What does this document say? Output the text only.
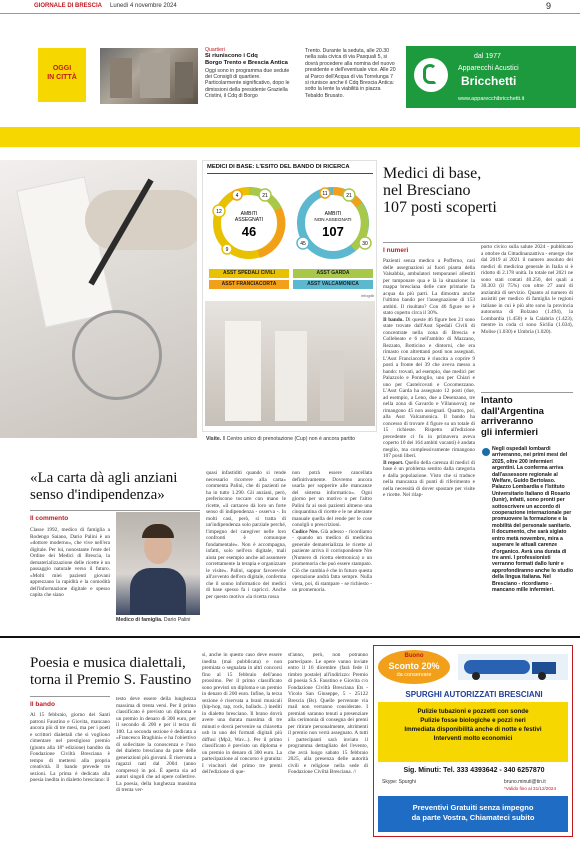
GIORNALE DI BRESCIA Lunedì 4 novembre 2024	9
OGGI
IN CITTÀ
Quartieri
Si riuniscono i Cdq
Borgo Trento e Brescia Antica
Oggi sono in programma due sedute dei Consigli di quartiere. Particolarmente significativo, dopo le dimissioni della presidente Graziella Cristini, il Cdq di Borgo
Trento. Durante la seduta, alle 20.30 nella sala civica di via Pasquali 5, si dovrà procedere alla nomina del nuovo presidente e dell'eventuale vice. Alle 20 al Parco dell'Acqua di via Torrelunga 7 si riunisce anche il Cdq Brescia Antica: sotto la lente la viabilità in piazza Tebaldo Brusato.
dal 1977
Apparecchi Acustici
Bricchetti
www.apparecchibricchetti.it
MEDICI DI BASE: L'ESITO DEL BANDO DI RICERCA
12
4	21
9
AMBITI
ASSEGNATI
46
11	21
30
45
AMBITI
NON ASSEGNATI
107
ASST SPEDALI CIVILI	ASST GARDA
ASST FRANCIACORTA	ASST VALCAMONICA
infogdb
Visite. Il Centro unico di prenotazione (Cup) non è ancora partito
Medici di base,
nel Bresciano
107 posti scoperti
I numeri

Pazienti senza medico a Pofferno, casi delle assegnazioni ai fuori pianta della Valsabbia, ambulatori temporanei allestiti per tamponare qua e là la situazione: la mappa bresciana delle cure primarie fa acqua da più parti. La dimostra anche l'ultimo bando per l'assegnazione di 153 ambiti. Il risultato? Con 46 figure ne è stato coperto circa il 30%.

Il bando. Di queste 46 figure ben 21 sono state trovate dall'Asst Spedali Civili di concentrate nella zona di Brescia e Collebeato e 6 nell'ambito di Mazzano, Rezzato, Botticino e dintorni, che era rimasto con altrettanti posti non assegnati. L'Asst Franciacorta è riuscita a coprire 9 posti a fronte dei 39 che aveva messo a bando: trovati, ad esempio, due medici per Palazzolo e Pontoglio, uno per Chiari e uno per Castelcovati e Cocomezzano. L'Asst Garda ha assegnato 12 posti (due, ad esempio, a Leno, due a Desenzano, tre nella zona di Gavardo e Villanuova); ne rimangono 45 non assegnati. Quattro, poi, alla Asst Valcamonica. Il bando ha concesso di trovare 4 figure su un totale di 15 richieste. Rispetto all'edizione precedente ci fu in primavera aveva coperto 10 dei 164 ambiti vacanti) è andata meglio, ma complessivamente rimangono 107 posti liberi.

Il report. Quello della carenza di medici di base è un problema sentito dalla categoria e dalla popolazione. Visto che si traduce nella mancanza di punti di riferimento e nella necessità di dover spostare per visite e ricette. Nel rilap-

porto civico sulla salute 2024 - pubblicato a ottobre da Cittadinanzattiva - emerge che dal 2019 al 2021 il numero assoluto dei medici di medicina generale in Italia si è ridotto di 2.178 unità. In totale nel 2021 ne sono stati contati 40.250, dei quali a 30.303 (il 75%) con oltre 27 anni di anzianità di servizio. Quanto al numero di assistiti per medico di famiglia le regioni italiane in cui è più alto sono la provincia autonoma di Bolzano (1.494), la Lombardia (1.450) e la Calabria (1.423), mentre in coda ci sono Sicilia (1.034), Molise (1.030) e Umbria (1.020).
Intanto
dall'Argentina
arriveranno
gli infermieri
Negli ospedali lombardi arriveranno, nei primi mesi del 2025, oltre 200 infermieri argentini. La conferma arriva dall'assessore regionale al Welfare, Guido Bertolaso. Palazzo Lombardia e l'Istituto Universitario Italiano di Rosario (Iunir), infatti, sono pronti per sottoscrivere un accordo di cooperazione internazionale per promuovere la formazione e la mobilità del personale sanitario. Il documento, che sarà siglato entro metà novembre, mira a superare le attuali carenze d'organico. Avrà una durata di tre anni. I professionisti verranno formati dallo Iunir e approfondiranno anche lo studio della lingua italiana. Nel Bresciano - ricordiamo - mancano mille infermieri.
«La carta dà agli anziani
senso d'indipendenza»
Il commento
Classe 1992, medico di famiglia a Rodengo Saiano, Dario Palini è un «dottore moderno», che vive nell'era digitale. Per lui, nonostante l'ente del Ordine dei Medici di Brescia, la dematerializzazione delle ricette è un passaggio naturale verso il futuro. «Molti miei pazienti giovani apprezzano la rapidità e la comodità dell'informazione digitale e spesso capita che siano
Medico di famiglia. Dario Palini
quasi infastiditi quando si rende necessario ricorrere alla carta» commenta Palini, che di pazienti ne ha in tutto 1.290. Gli anziani, però, preferiscono toccare con mano le ricette, «il cartaceo dà loro un forte senso di indipendenza - osserva -. In molti casi, però, si tratta di un'indipendenza solo parziale perché, l'impegno del caregiver nelle loro confronti è comunque fondamentale». Non è accompagna, infatti, solo nell'era digitale, mali aiuta per esempio anche ad assumere correttamente la terapia e organizzare le visite». Palini, sappur favorevole all'avvento dell'era digitale, conferma che il sonno informatico dei medici di base spesso fa i capricci. Anche per questo motivo «la ricetta rossa

non potrà essere cancellata definitivamente. Dovremo ancora usarla per sopperire alle mancanze del sistema informatico». Ogni giorno per un motivo o per l'altro Palini fa ai suoi pazienti almeno una cinquantina di ricette e le ne alterante manuale quella del rende per le cose conolgli o prescrizioni.

Codice Nre. Già adesso - ricordiamo - quando un medico di medicina generale dematerializza le ricette al paziente arriva il corrispondente Nre (Numero di ricetta elettronica) o un promemoria che può essere stampato. Ciò che cambia è che in futuro questa operazione andrà fatta sempre. Nulla vieta, poi, di stampare - se richiesto - un promemoria.

Poesia e musica dialettali,
torna il Premio S. Faustino
Il bando
Al 15 febbraio, giorno dei Santi patroni Faustino e Giovita, mancano ancora più di tre mesi, ma per i poeti e scrittori dialettali che si vogliono cimentare nel prestigioso premio (giunto alla 18ª edizione) bandito da Fondazione Civiltà Bresciana è tempo di mettersi alla propria creatività. Il bando prevede tre sezioni. La prima è dedicata alla poesia inedita in dialetto bresciano: il
testo deve essere della lunghezza massima di trenta versi. Per il primo classificato è previsto un diploma e un premio in denaro di 300 euro, per il secondo di 200 e per il terzo di 100. La seconda sezione è dedicata a «Francesco Braghini» e ha l'obiettivo di sollecitare la conoscenza e l'uso del dialetto bresciano da parte delle generazioni più giovani. È riservata a ragazzi nati dal 2004 (anno compreso) in poi. È aperta sia ad autori singoli che ad opere collettive. La poesia, della lunghezza massima di trenta ver-
si, anche in questo caso deve essere inedita (mai pubblicata) e non premiata o segnalata in altri concorsi fino al 15 febbraio dell'anno prossimo. Per il primo classificato sono previsti un diploma e un premio in denaro di 200 euro. Infine, la terza sezione è riservata a brani musicali (hip-hop, rap, rock, ballads...) inediti in dialetto bresciano. Il brano dovrà avere una durata massima di tre minuti e dovrà pervenire su chiavetta usb in uno dei formati digitali più diffusi (Mp3, Wav...). Per il primo classificato è previsto un diploma e un premio in denaro di 300 euro. La partecipazione al concorso è gratuita: I vincitori del primo tre premi dell'edizione di que-
st'anno, però, non potranno partecipare. Le opere vanno inviate entro il 16 dicembre (farà fede il timbro postale) all'indirizzo: Premio di poesia S.S. Faustino e Giovita c/o Fondazione Civiltà Bresciana Ets - Vicolo San Giuseppe, 5 - 25122 Brescia (Bs). Quelle pervenute via mail non verranno considerate. I premiati saranno tenuti a presenziare alla cerimonia di consegna dei premi per ritirare personalmente, altrimenti il premio non verrà assegnato. A tutti i partecipanti sarà inviato il programma dettagliato del l'evento, che avrà luogo sabato 15 febbraio 2025, alla presenza delle autorità civili e religiose nella sede di Fondazione Civiltà Bresciana. //
Buono
Sconto 20%
da conservare
SPURGHI AUTORIZZATI BRESCIANI
Pulizie tubazioni e pozzetti con sonde
Pulizie fosse biologiche e pozzi neri
Immediata disponibilità anche di notte e festivi
Interventi molto economici
Sig. Minuti: Tel. 333 4393642 - 340 6257870
Skype: Spurghi	bruno.minuti@tin.it
*Valido fino al 31/12/2024
Preventivi Gratuiti senza impegno
da parte Vostra, Chiamateci subito
